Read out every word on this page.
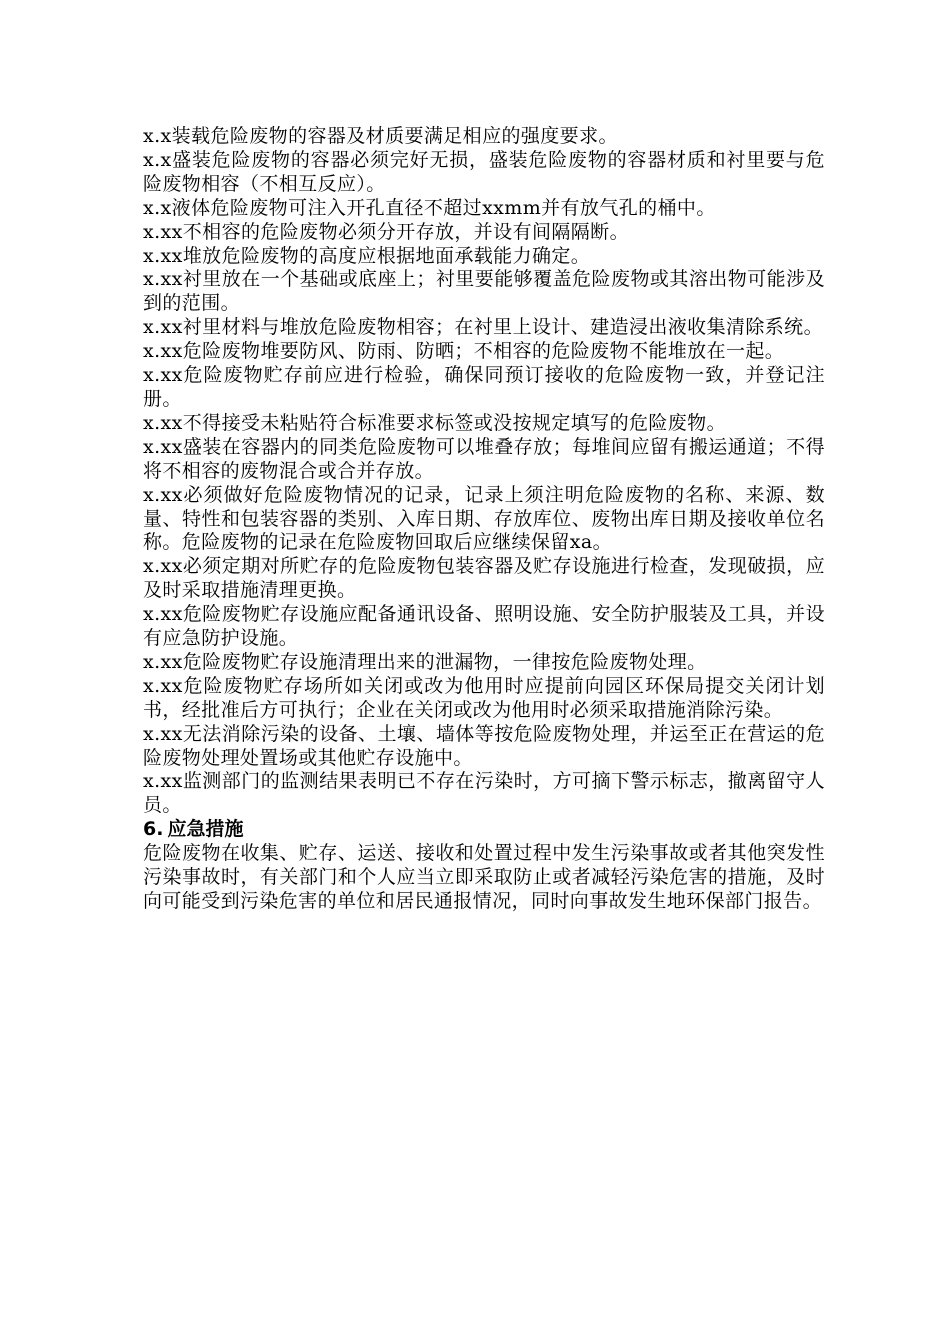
x.x装载危险废物的容器及材质要满足相应的强度要求。

x.x盛装危险废物的容器必须完好无损，盛装危险废物的容器材质和衬里要与危险废物相容（不相互反应）。

x.x液体危险废物可注入开孔直径不超过xxmm并有放气孔的桶中。

x.xx不相容的危险废物必须分开存放，并设有间隔隔断。

x.xx堆放危险废物的高度应根据地面承载能力确定。

x.xx衬里放在一个基础或底座上；衬里要能够覆盖危险废物或其溶出物可能涉及到的范围。

x.xx衬里材料与堆放危险废物相容；在衬里上设计、建造浸出液收集清除系统。

x.xx危险废物堆要防风、防雨、防晒；不相容的危险废物不能堆放在一起。

x.xx危险废物贮存前应进行检验，确保同预订接收的危险废物一致，并登记注册。

x.xx不得接受未粘贴符合标准要求标签或没按规定填写的危险废物。

x.xx盛装在容器内的同类危险废物可以堆叠存放；每堆间应留有搬运通道；不得将不相容的废物混合或合并存放。

x.xx必须做好危险废物情况的记录，记录上须注明危险废物的名称、来源、数量、特性和包装容器的类别、入库日期、存放库位、废物出库日期及接收单位名称。危险废物的记录在危险废物回取后应继续保留xa。

x.xx必须定期对所贮存的危险废物包装容器及贮存设施进行检查，发现破损，应及时采取措施清理更换。

x.xx危险废物贮存设施应配备通讯设备、照明设施、安全防护服装及工具，并设有应急防护设施。

x.xx危险废物贮存设施清理出来的泄漏物，一律按危险废物处理。

x.xx危险废物贮存场所如关闭或改为他用时应提前向园区环保局提交关闭计划书，经批准后方可执行；企业在关闭或改为他用时必须采取措施消除污染。

x.xx无法消除污染的设备、土壤、墙体等按危险废物处理，并运至正在营运的危险废物处理处置场或其他贮存设施中。

x.xx监测部门的监测结果表明已不存在污染时，方可摘下警示标志，撤离留守人员。

6. 应急措施

危险废物在收集、贮存、运送、接收和处置过程中发生污染事故或者其他突发性污染事故时，有关部门和个人应当立即采取防止或者减轻污染危害的措施，及时向可能受到污染危害的单位和居民通报情况，同时向事故发生地环保部门报告。
